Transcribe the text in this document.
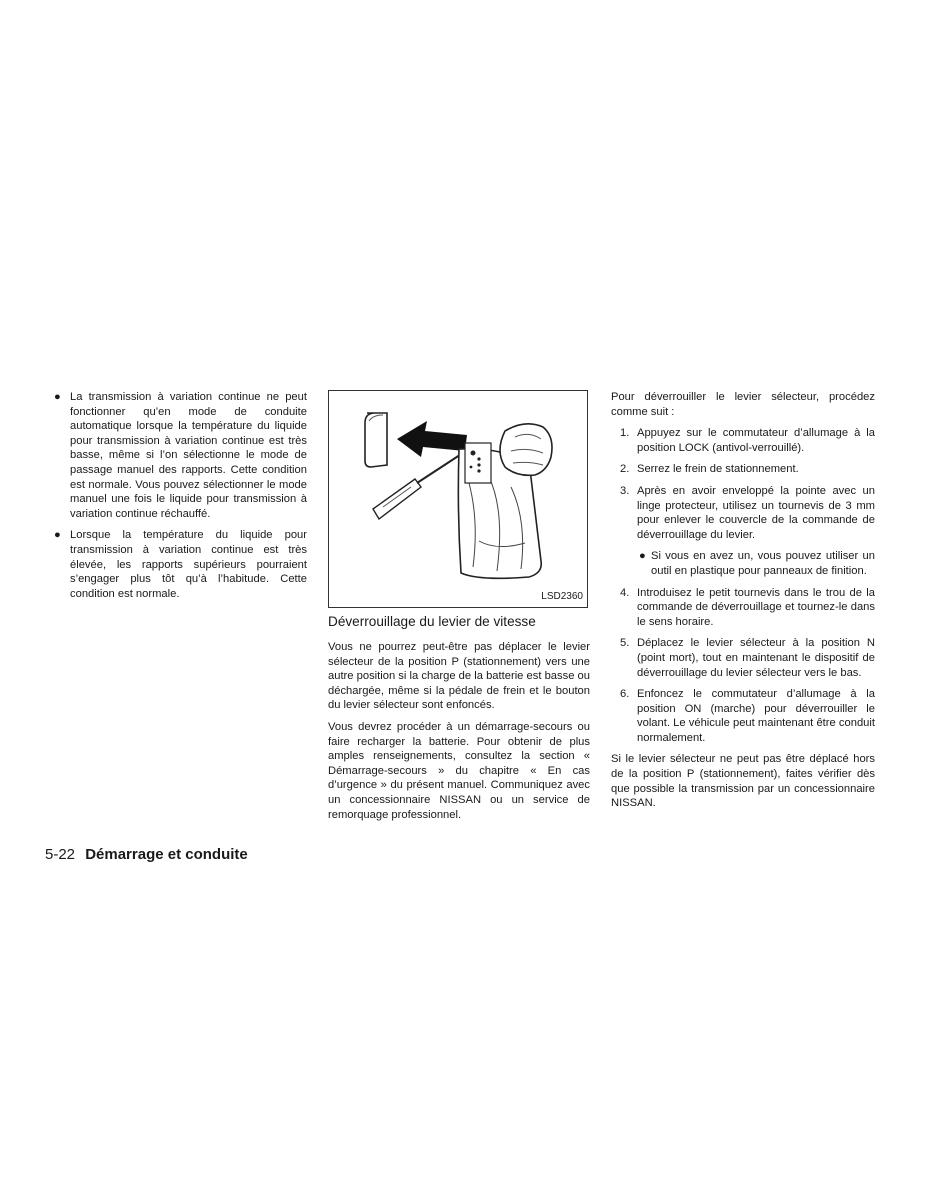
● La transmission à variation continue ne peut fonctionner qu’en mode de conduite automatique lorsque la température du liquide pour transmission à variation continue est très basse, même si l’on sélectionne le mode de passage manuel des rapports. Cette condition est normale. Vous pouvez sélectionner le mode manuel une fois le liquide pour transmission à variation continue réchauffé.
● Lorsque la température du liquide pour transmission à variation continue est très élevée, les rapports supérieurs pourraient s’engager plus tôt qu’à l’habitude. Cette condition est normale.	LSD2360
Déverrouillage du levier de vitesse

Vous ne pourrez peut-être pas déplacer le levier sélecteur de la position P (stationnement) vers une autre position si la charge de la batterie est basse ou déchargée, même si la pédale de frein et le bouton du levier sélecteur sont enfoncés.

Vous devrez procéder à un démarrage-secours ou faire recharger la batterie. Pour obtenir de plus amples renseignements, consultez la section « Démarrage-secours » du chapitre « En cas d’urgence » du présent manuel. Communiquez avec un concessionnaire NISSAN ou un service de remorquage professionnel.

Pour déverrouiller le levier sélecteur, procédez comme suit :

1. Appuyez sur le commutateur d’allumage à la position LOCK (antivol-verrouillé).
2. Serrez le frein de stationnement.
3. Après en avoir enveloppé la pointe avec un linge protecteur, utilisez un tournevis de 3 mm pour enlever le couvercle de la commande de déverrouillage du levier.
● Si vous en avez un, vous pouvez utiliser un outil en plastique pour panneaux de finition.
4. Introduisez le petit tournevis dans le trou de la commande de déverrouillage et tournez-le dans le sens horaire.
5. Déplacez le levier sélecteur à la position N (point mort), tout en maintenant le dispositif de déverrouillage du levier sélecteur vers le bas.
6. Enfoncez le commutateur d’allumage à la position ON (marche) pour déverrouiller le volant. Le véhicule peut maintenant être conduit normalement.

Si le levier sélecteur ne peut pas être déplacé hors de la position P (stationnement), faites vérifier dès que possible la transmission par un concessionnaire NISSAN.

5-22 Démarrage et conduite
